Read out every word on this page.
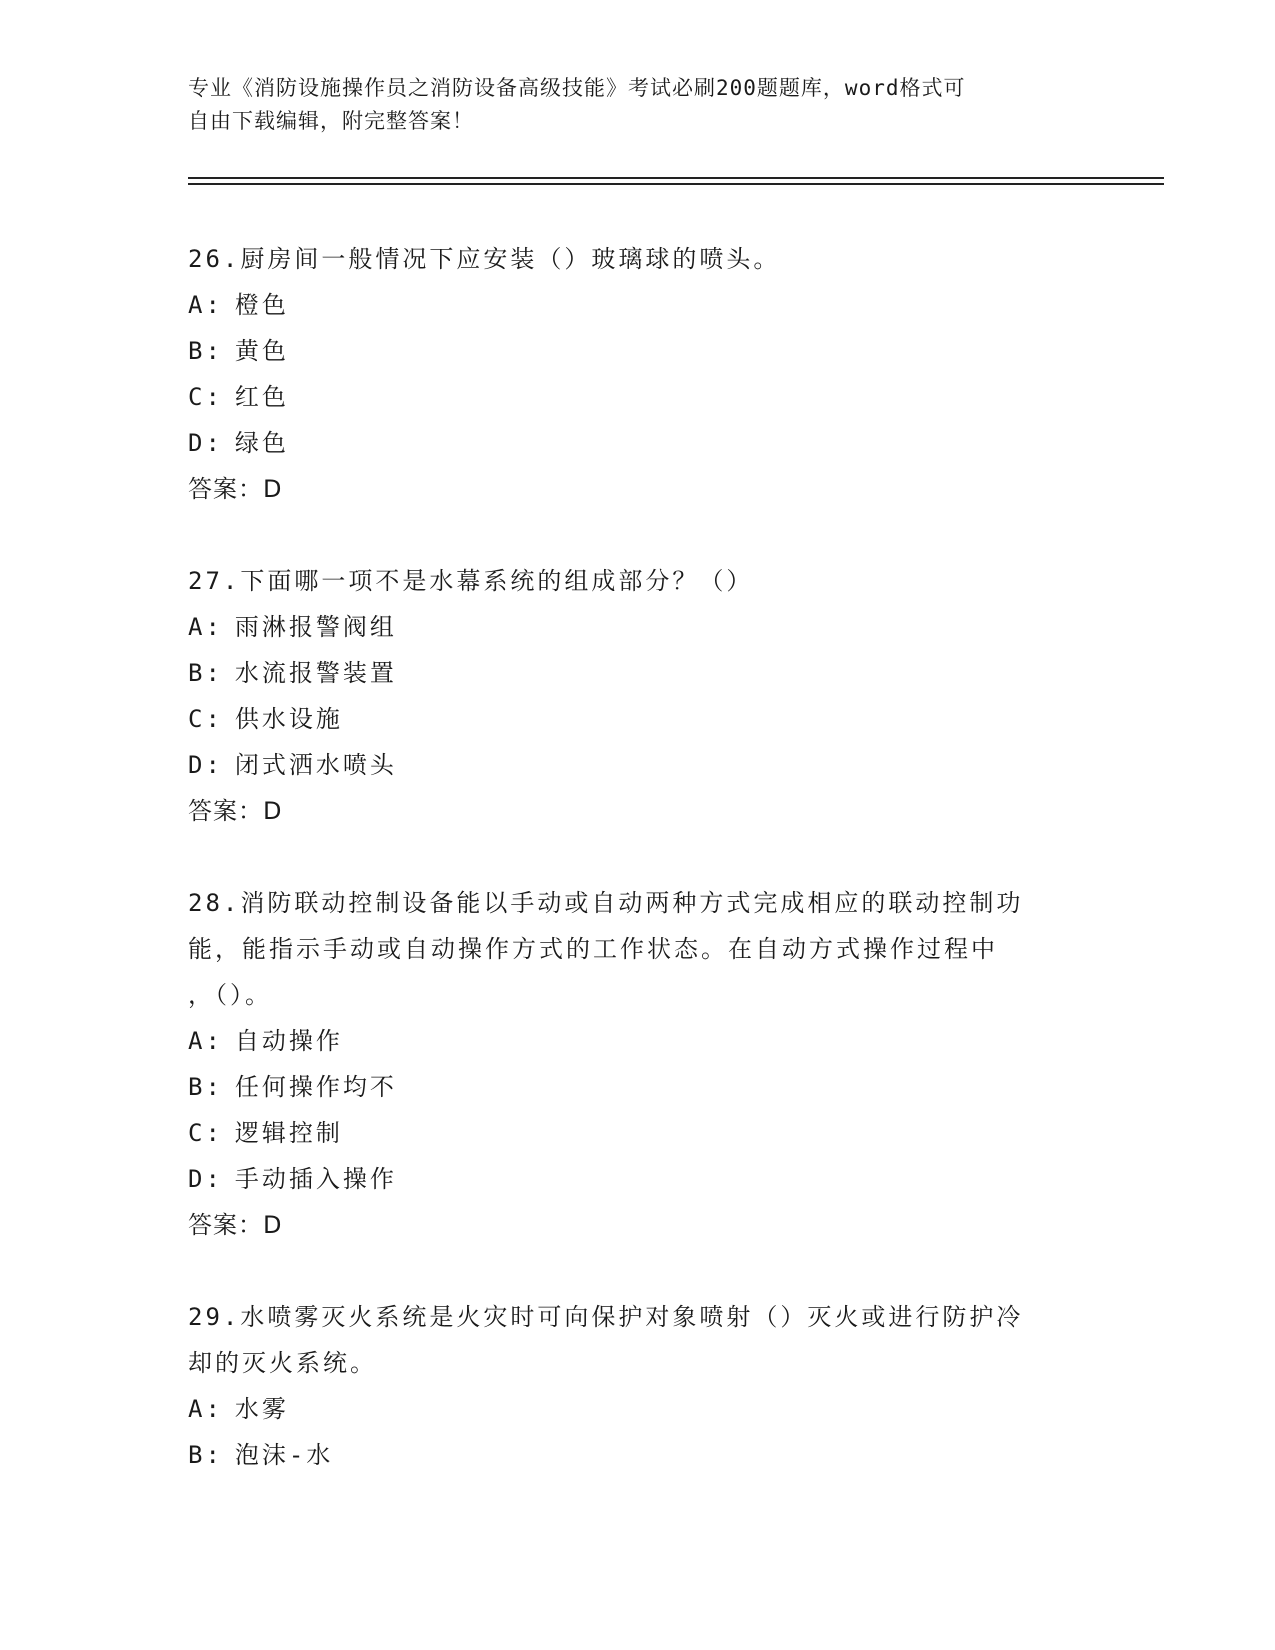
专业《消防设施操作员之消防设备高级技能》考试必刷200题题库，word格式可
自由下载编辑，附完整答案！

26.厨房间一般情况下应安装（）玻璃球的喷头。

A: 橙色

B: 黄色

C: 红色

D: 绿色

答案：D

27.下面哪一项不是水幕系统的组成部分？（）

A: 雨淋报警阀组

B: 水流报警装置

C: 供水设施

D: 闭式洒水喷头

答案：D

28.消防联动控制设备能以手动或自动两种方式完成相应的联动控制功

能，能指示手动或自动操作方式的工作状态。在自动方式操作过程中

，（）。

A: 自动操作

B: 任何操作均不

C: 逻辑控制

D: 手动插入操作

答案：D

29.水喷雾灭火系统是火灾时可向保护对象喷射（）灭火或进行防护冷

却的灭火系统。

A: 水雾

B: 泡沫-水
